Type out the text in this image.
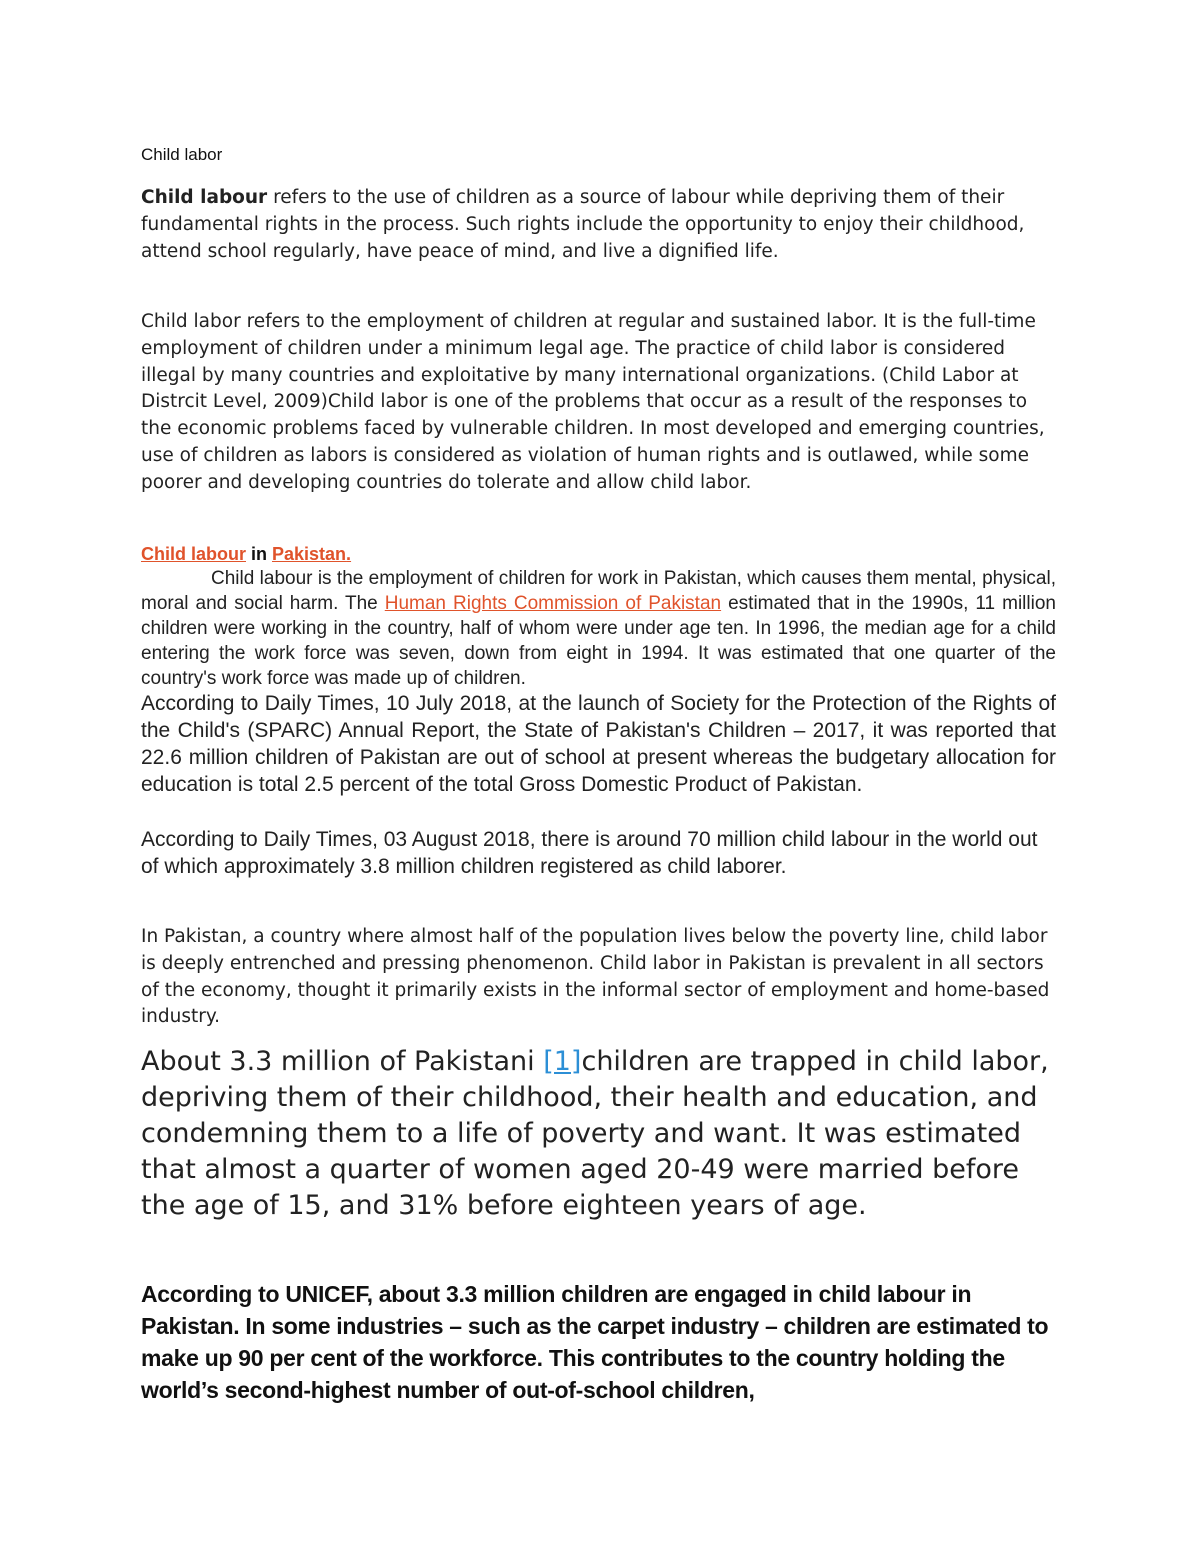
Child labor

Child labour refers to the use of children as a source of labour while depriving them of their fundamental rights in the process. Such rights include the opportunity to enjoy their childhood, attend school regularly, have peace of mind, and live a dignified life.

Child labor refers to the employment of children at regular and sustained labor. It is the full-time employment of children under a minimum legal age. The practice of child labor is considered illegal by many countries and exploitative by many international organizations. (Child Labor at Distrcit Level, 2009)Child labor is one of the problems that occur as a result of the responses to the economic problems faced by vulnerable children. In most developed and emerging countries, use of children as labors is considered as violation of human rights and is outlawed, while some poorer and developing countries do tolerate and allow child labor.

Child labour in Pakistan.

Child labour is the employment of children for work in Pakistan, which causes them mental, physical, moral and social harm. The Human Rights Commission of Pakistan estimated that in the 1990s, 11 million children were working in the country, half of whom were under age ten. In 1996, the median age for a child entering the work force was seven, down from eight in 1994. It was estimated that one quarter of the country's work force was made up of children.

According to Daily Times, 10 July 2018, at the launch of Society for the Protection of the Rights of the Child's (SPARC) Annual Report, the State of Pakistan's Children – 2017, it was reported that 22.6 million children of Pakistan are out of school at present whereas the budgetary allocation for education is total 2.5 percent of the total Gross Domestic Product of Pakistan.

According to Daily Times, 03 August 2018, there is around 70 million child labour in the world out of which approximately 3.8 million children registered as child laborer.

In Pakistan, a country where almost half of the population lives below the poverty line, child labor is deeply entrenched and pressing phenomenon. Child labor in Pakistan is prevalent in all sectors of the economy, thought it primarily exists in the informal sector of employment and home-based industry.

About 3.3 million of Pakistani [1]children are trapped in child labor, depriving them of their childhood, their health and education, and condemning them to a life of poverty and want. It was estimated that almost a quarter of women aged 20-49 were married before the age of 15, and 31% before eighteen years of age.

According to UNICEF, about 3.3 million children are engaged in child labour in Pakistan. In some industries – such as the carpet industry – children are estimated to make up 90 per cent of the workforce. This contributes to the country holding the world’s second-highest number of out-of-school children,
